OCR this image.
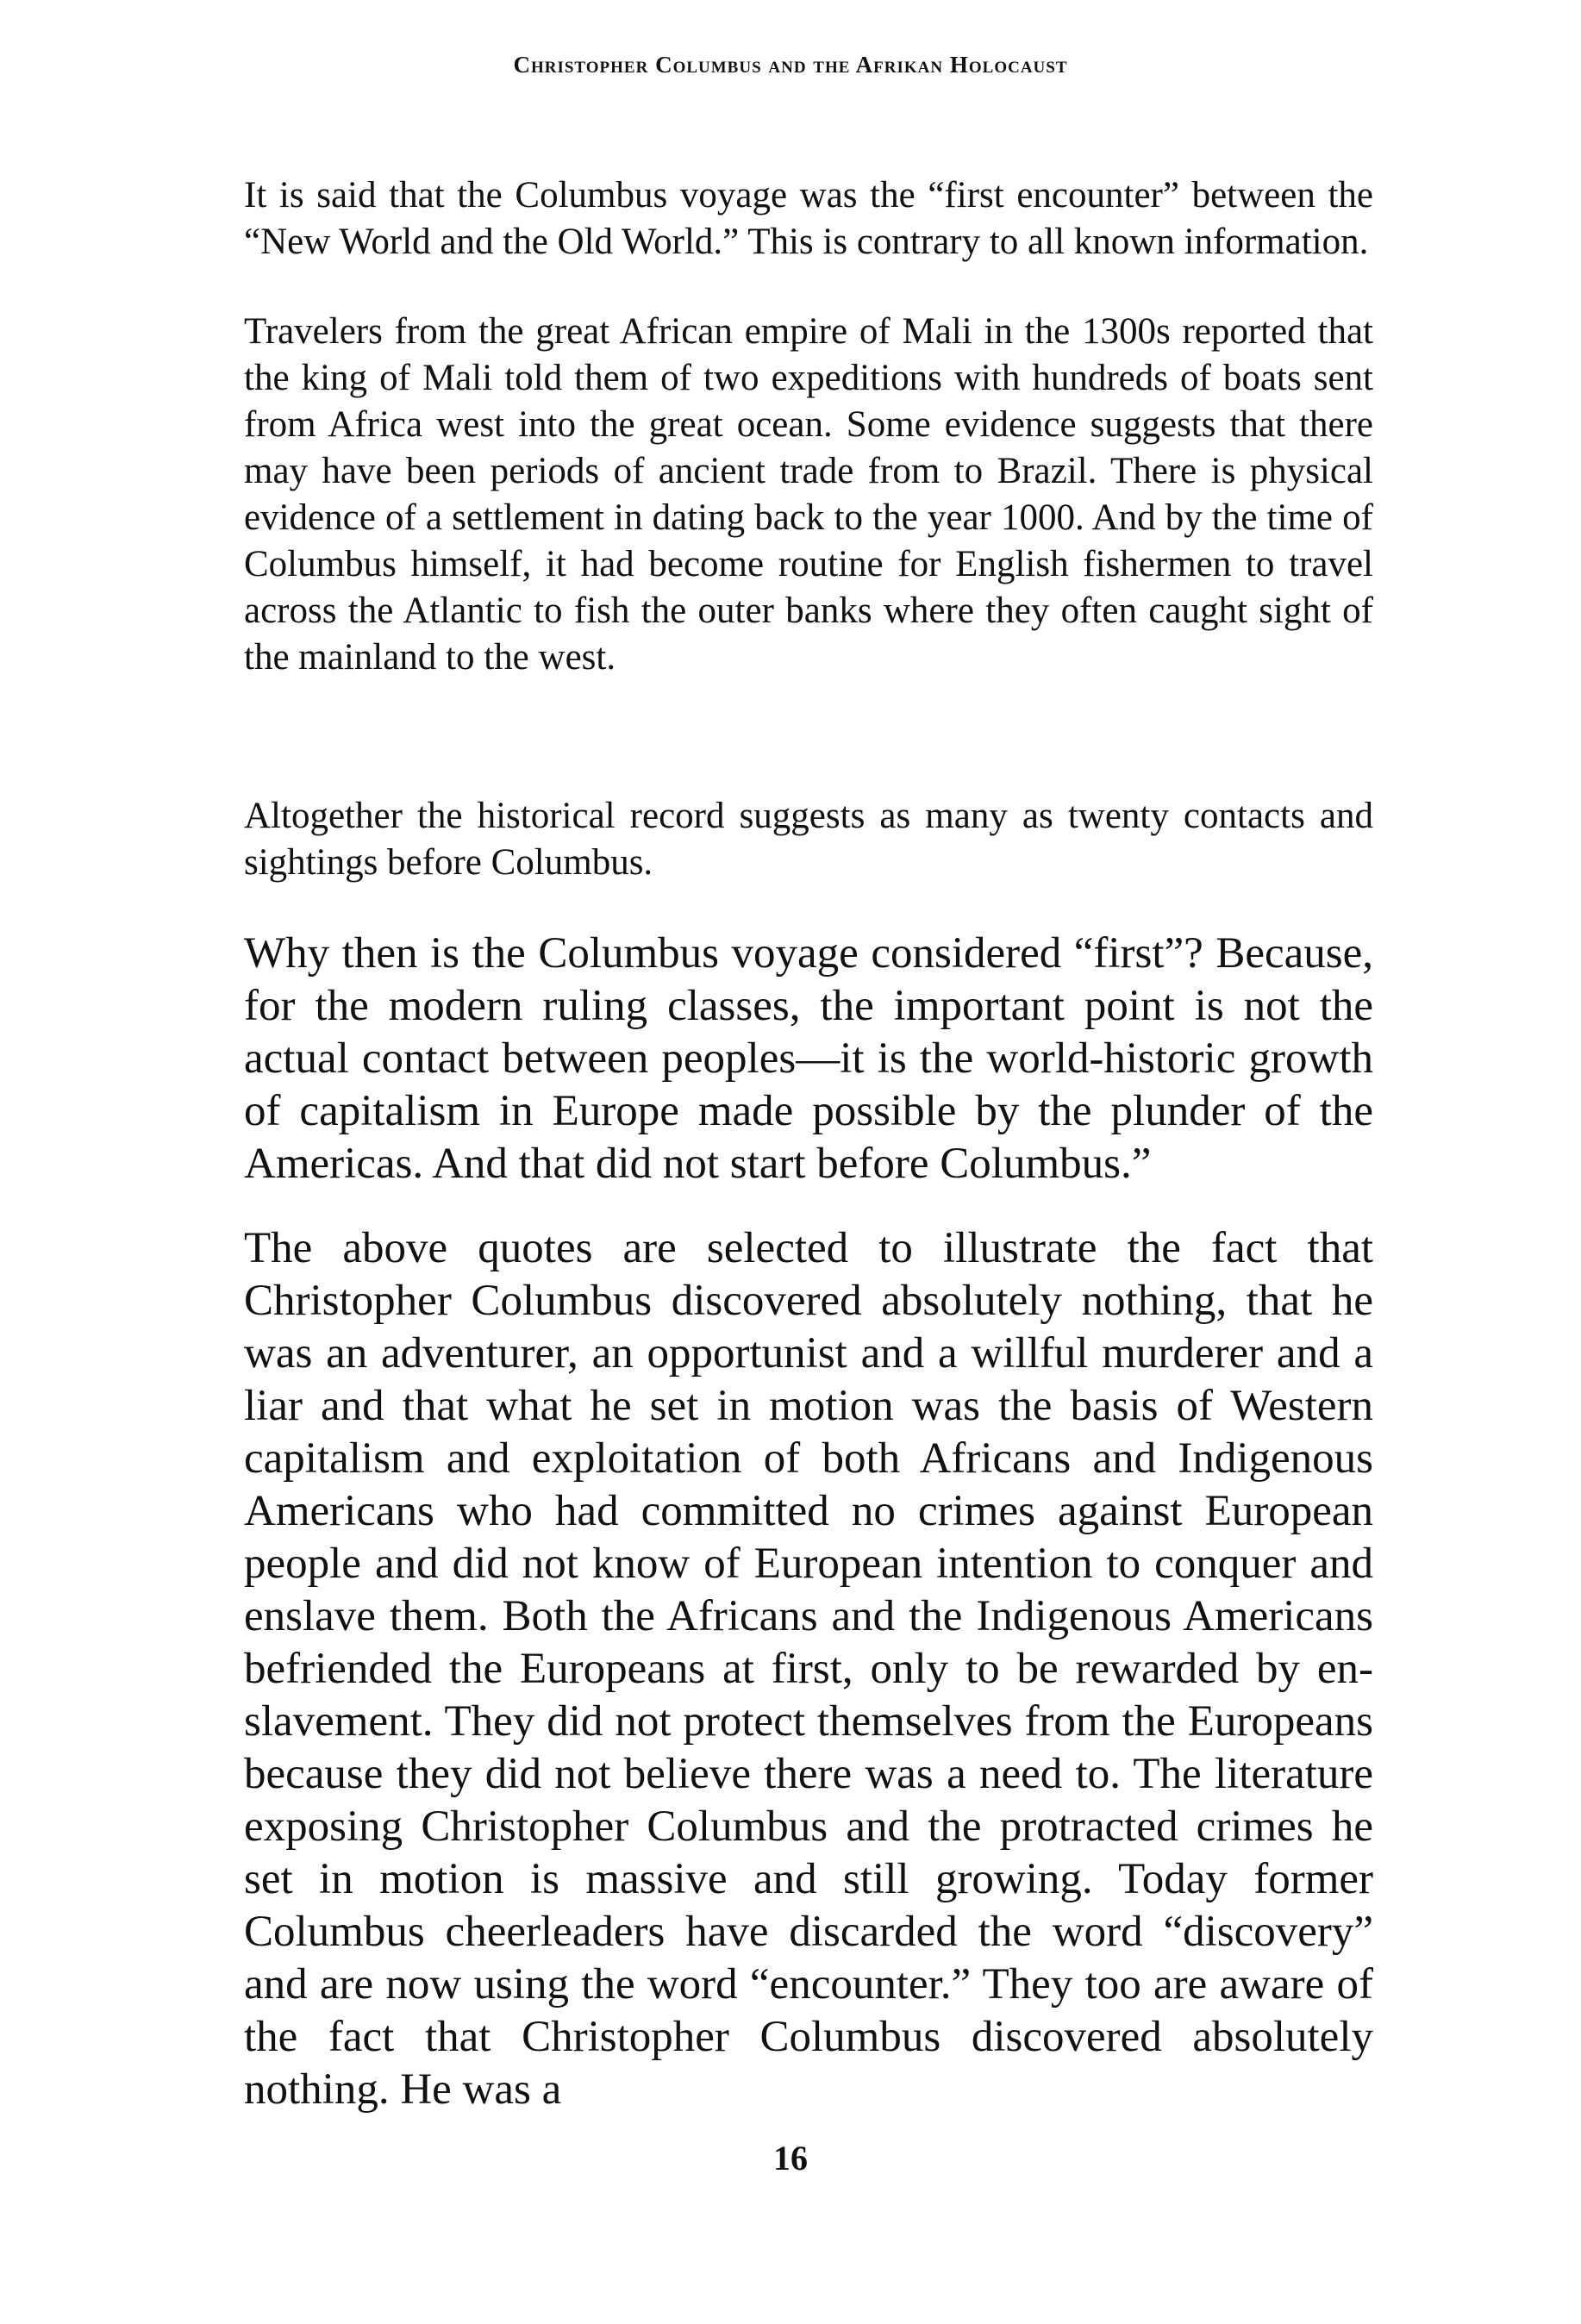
Christopher Columbus and the Afrikan Holocaust

It is said that the Columbus voyage was the “first encounter” between the “New World and the Old World.” This is contrary to all known information.

Travelers from the great African empire of Mali in the 1300s reported that the king of Mali told them of two expeditions with hundreds of boats sent from Africa west into the great ocean. Some evidence suggests that there may have been periods of ancient trade from to Brazil. There is physical evidence of a settlement in dating back to the year 1000. And by the time of Columbus himself, it had become routine for English fishermen to travel across the Atlantic to fish the outer banks where they often caught sight of the mainland to the west.

Altogether the historical record suggests as many as twenty contacts and sightings before Columbus.

Why then is the Columbus voyage considered “first”? Because, for the modern ruling classes, the important point is not the actual contact between peoples—it is the world-historic growth of capitalism in Europe made possible by the plunder of the Americas. And that did not start before Columbus.”

The above quotes are selected to illustrate the fact that Christopher Columbus discovered absolutely nothing, that he was an adventurer, an opportunist and a willful murderer and a liar and that what he set in motion was the basis of Western capitalism and exploitation of both Africans and Indigenous Americans who had committed no crimes against European people and did not know of European intention to conquer and enslave them. Both the Africans and the Indigenous Americans befriended the Europeans at first, only to be rewarded by enslavement. They did not protect themselves from the Europeans because they did not believe there was a need to. The literature exposing Christopher Columbus and the protracted crimes he set in motion is massive and still growing. Today former Columbus cheerleaders have discarded the word “discovery” and are now using the word “encounter.” They too are aware of the fact that Christopher Columbus discovered absolutely nothing. He was a

16
